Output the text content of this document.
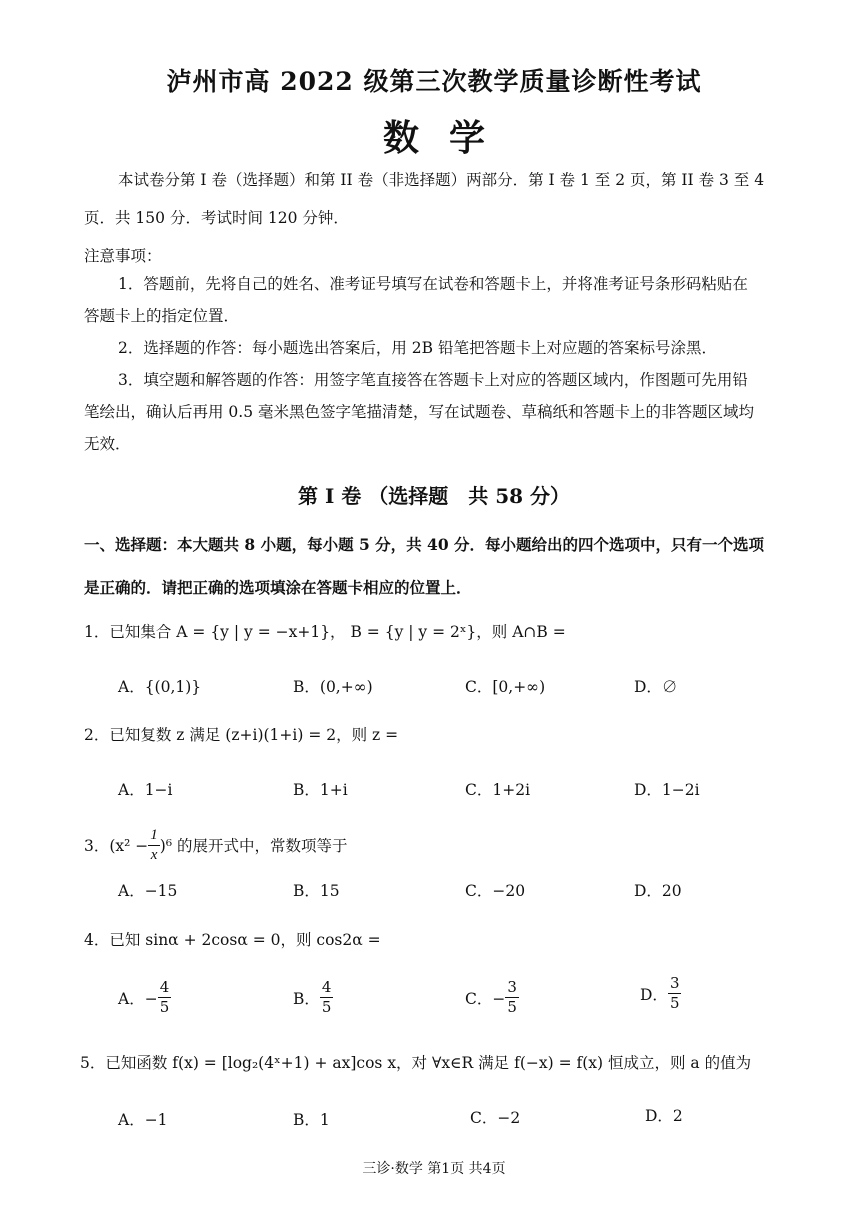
泸州市高 2022 级第三次教学质量诊断性考试
数学
本试卷分第 I 卷（选择题）和第 II 卷（非选择题）两部分．第 I 卷 1 至 2 页，第 II 卷 3 至 4
页．共 150 分．考试时间 120 分钟．
注意事项：
1．答题前，先将自己的姓名、准考证号填写在试卷和答题卡上，并将准考证号条形码粘贴在
答题卡上的指定位置．
2．选择题的作答：每小题选出答案后，用 2B 铅笔把答题卡上对应题的答案标号涂黑．
3．填空题和解答题的作答：用签字笔直接答在答题卡上对应的答题区域内，作图题可先用铅
笔绘出，确认后再用 0.5 毫米黑色签字笔描清楚，写在试题卷、草稿纸和答题卡上的非答题区域均
无效．
第 I 卷 （选择题　共 58 分）
一、选择题：本大题共 8 小题，每小题 5 分，共 40 分．每小题给出的四个选项中，只有一个选项
是正确的．请把正确的选项填涂在答题卡相应的位置上．
1．已知集合 A = {y | y = −x+1}， B = {y | y = 2ˣ}，则 A∩B =
A．{(0,1)}	B．(0,+∞)	C．[0,+∞)	D．∅
2．已知复数 z 满足 (z+i)(1+i) = 2，则 z =
A．1−i	B．1+i	C．1+2i	D．1−2i
3．$(x^2 - \frac{1}{x} )^6$ 的展开式中，常数项等于
A．−15	B．15	C．−20	D．20
4．已知 sinα + 2cosα = 0，则 cos2α =
A．− $\frac{4}{5}$	B． $\frac{4}{5}$	C．− $\frac{3}{5}$	D． $\frac{3}{5}$
5．已知函数 f(x) = [log₂(4ˣ+1) + ax]cos x，对 ∀x∈R 满足 f(−x) = f(x) 恒成立，则 a 的值为
A．−1	B．1	C．−2	D．2
三诊·数学 第1页 共4页
